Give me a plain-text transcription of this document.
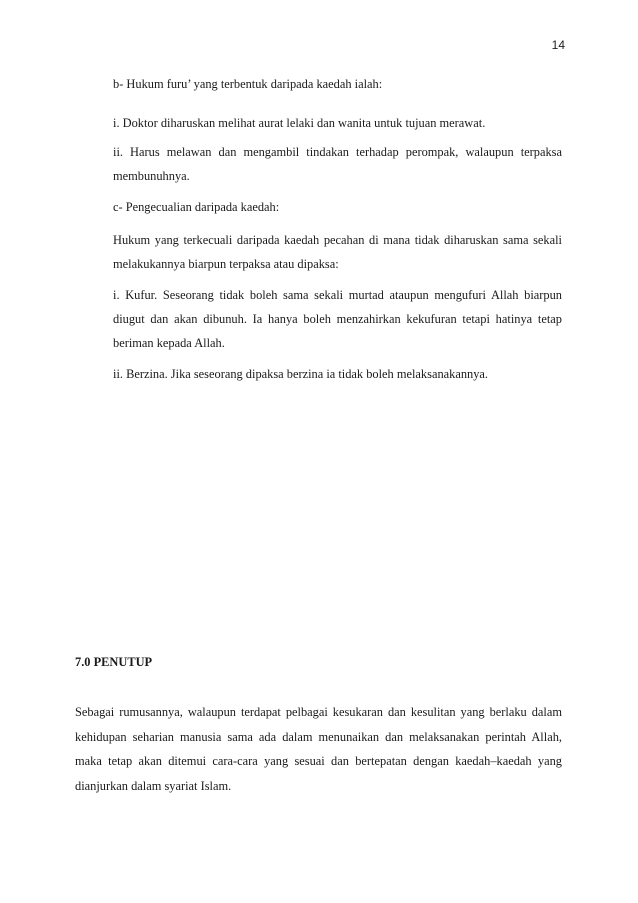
14

b- Hukum furu’ yang terbentuk daripada kaedah ialah:

i. Doktor diharuskan melihat aurat lelaki dan wanita untuk tujuan merawat.

ii. Harus melawan dan mengambil tindakan terhadap perompak, walaupun terpaksa membunuhnya.

c- Pengecualian daripada kaedah:

Hukum yang terkecuali daripada kaedah pecahan di mana tidak diharuskan sama sekali melakukannya biarpun terpaksa atau dipaksa:

i. Kufur. Seseorang tidak boleh sama sekali murtad ataupun mengufuri Allah biarpun diugut dan akan dibunuh. Ia hanya boleh menzahirkan kekufuran tetapi hatinya tetap beriman kepada Allah.

ii. Berzina. Jika seseorang dipaksa berzina ia tidak boleh melaksanakannya.

7.0 PENUTUP

Sebagai rumusannya, walaupun terdapat pelbagai kesukaran dan kesulitan yang berlaku dalam kehidupan seharian manusia sama ada dalam menunaikan dan melaksanakan perintah Allah, maka tetap akan ditemui cara-cara yang sesuai dan bertepatan dengan kaedah–kaedah yang dianjurkan dalam syariat Islam.
